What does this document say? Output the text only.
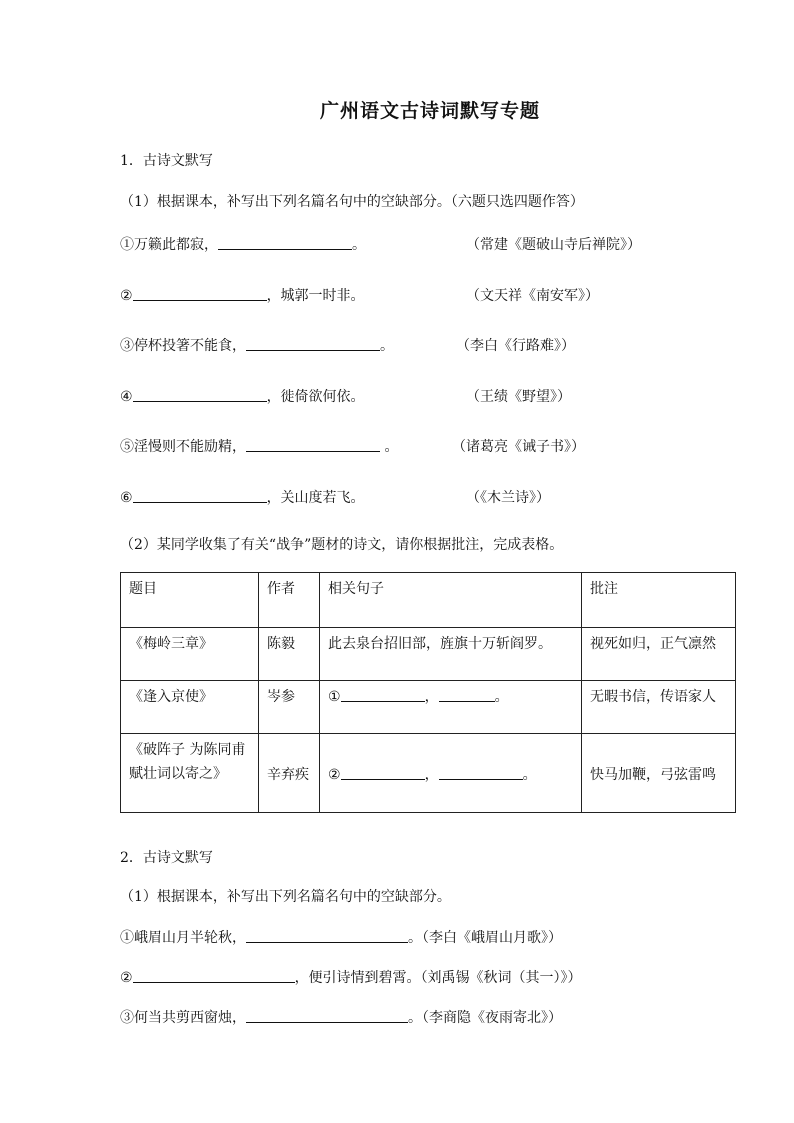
广州语文古诗词默写专题
1．古诗文默写
（1）根据课本，补写出下列名篇名句中的空缺部分。（六题只选四题作答）
①万籁此都寂，	。	（常建《题破山寺后禅院》）
②	，城郭一时非。	（文天祥《南安军》）
③停杯投箸不能食，	。	（李白《行路难》）
④	，徙倚欲何依。	（王绩《野望》）
⑤淫慢则不能励精，	。	（诸葛亮《诫子书》）
⑥	，关山度若飞。	（《木兰诗》）
（2）某同学收集了有关“战争”题材的诗文，请你根据批注，完成表格。
题目	作者	相关句子	批注
《梅岭三章》	陈毅	此去泉台招旧部，旌旗十万斩阎罗。	视死如归，正气凛然
《逢入京使》	岑参	① ， 。	无暇书信，传语家人
《破阵子 为陈同甫赋壮词以寄之》	辛弃疾	② ， 。	快马加鞭，弓弦雷鸣
2．古诗文默写
（1）根据课本，补写出下列名篇名句中的空缺部分。
①峨眉山月半轮秋，	。（李白《峨眉山月歌》）
②	，便引诗情到碧霄。（刘禹锡《秋词（其一）》）
③何当共剪西窗烛，	。（李商隐《夜雨寄北》）
